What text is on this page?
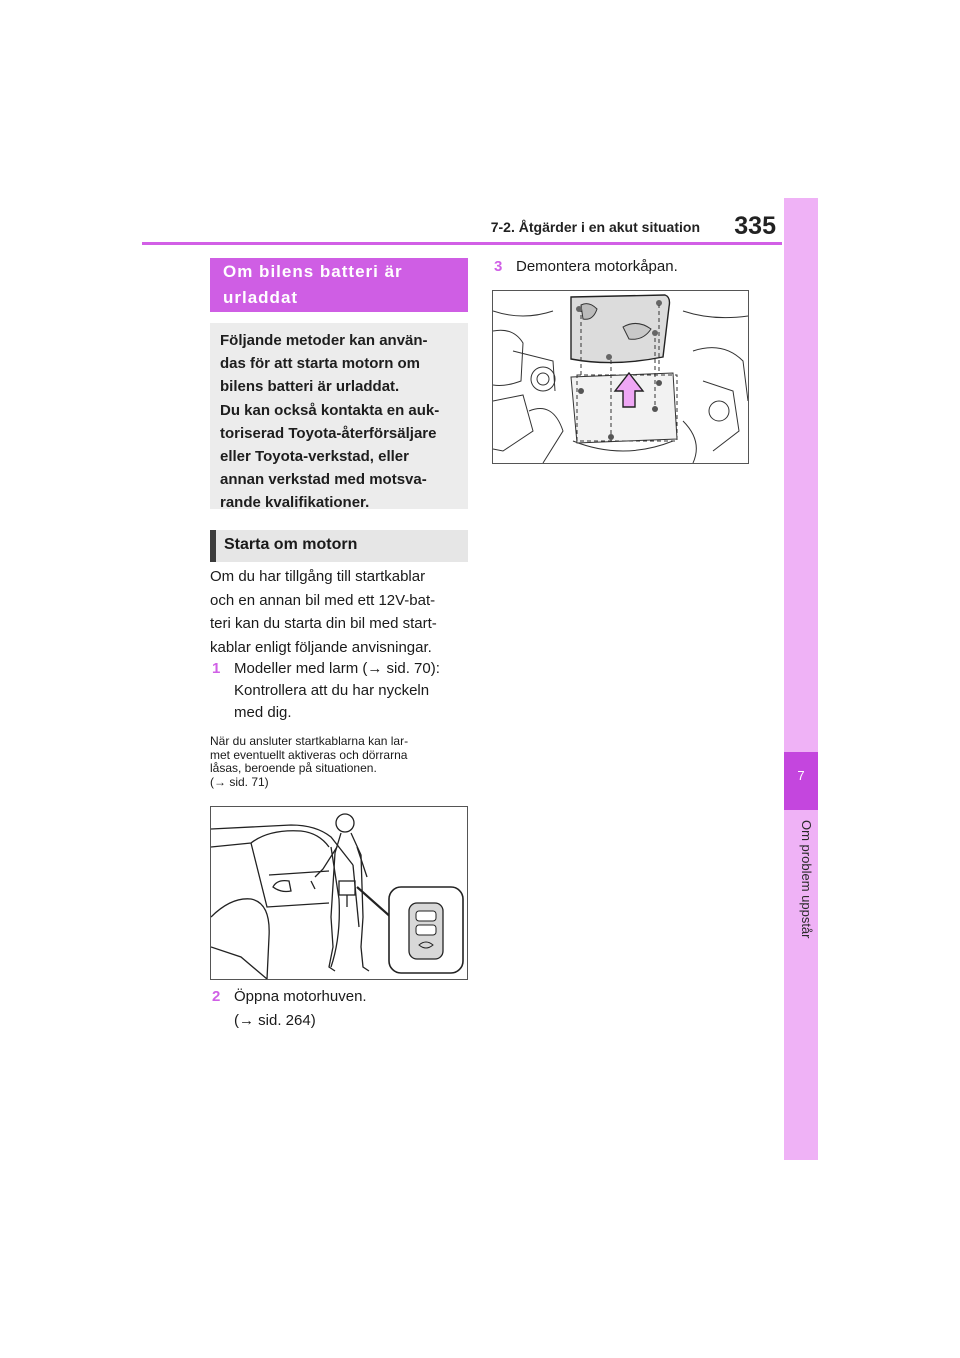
7-2. Åtgärder i en akut situation	335
7
Om problem uppstår
Om bilens batteri är urladdat
Följande metoder kan använ-
das för att starta motorn om
bilens batteri är urladdat.
Du kan också kontakta en auk-
toriserad Toyota-återförsäljare
eller Toyota-verkstad, eller
annan verkstad med motsva-
rande kvalifikationer.
Starta om motorn
Om du har tillgång till startkablar
och en annan bil med ett 12V-bat-
teri kan du starta din bil med start-
kablar enligt följande anvisningar.
1 Modeller med larm (→ sid. 70):
Kontrollera att du har nyckeln
med dig.
När du ansluter startkablarna kan lar-
met eventuellt aktiveras och dörrarna
låsas, beroende på situationen.
(→ sid. 71)
2 Öppna motorhuven.
(→ sid. 264)
3 Demontera motorkåpan.
